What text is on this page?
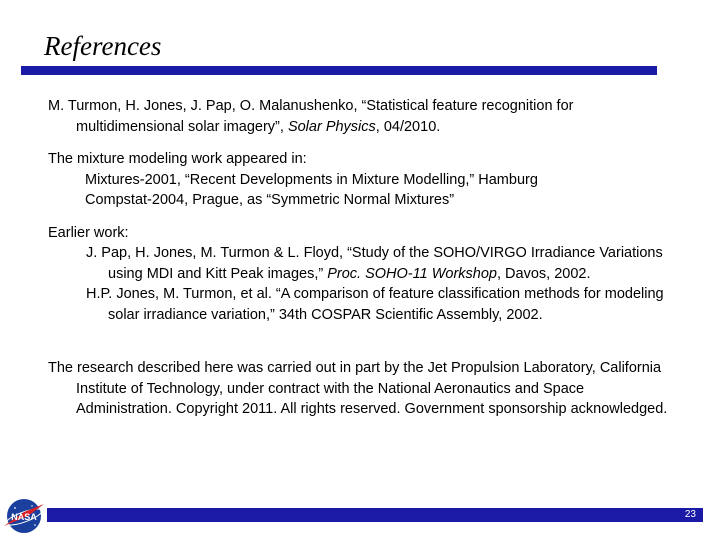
References

M. Turmon, H. Jones, J. Pap, O. Malanushenko, “Statistical feature recognition for multidimensional solar imagery”, Solar Physics, 04/2010.

The mixture modeling work appeared in:

Mixtures-2001, “Recent Developments in Mixture Modelling,” Hamburg

Compstat-2004, Prague, as “Symmetric Normal Mixtures”

Earlier work:

J. Pap, H. Jones, M. Turmon & L. Floyd, “Study of the SOHO/VIRGO Irradiance Variations using MDI and Kitt Peak images,” Proc. SOHO-11 Workshop, Davos, 2002.

H.P. Jones, M. Turmon, et al. “A comparison of feature classification methods for modeling solar irradiance variation,” 34th COSPAR Scientific Assembly, 2002.

The research described here was carried out in part by the Jet Propulsion Laboratory, California Institute of Technology, under contract with the National Aeronautics and Space Administration. Copyright 2011. All rights reserved. Government sponsorship acknowledged.

23
NASA
